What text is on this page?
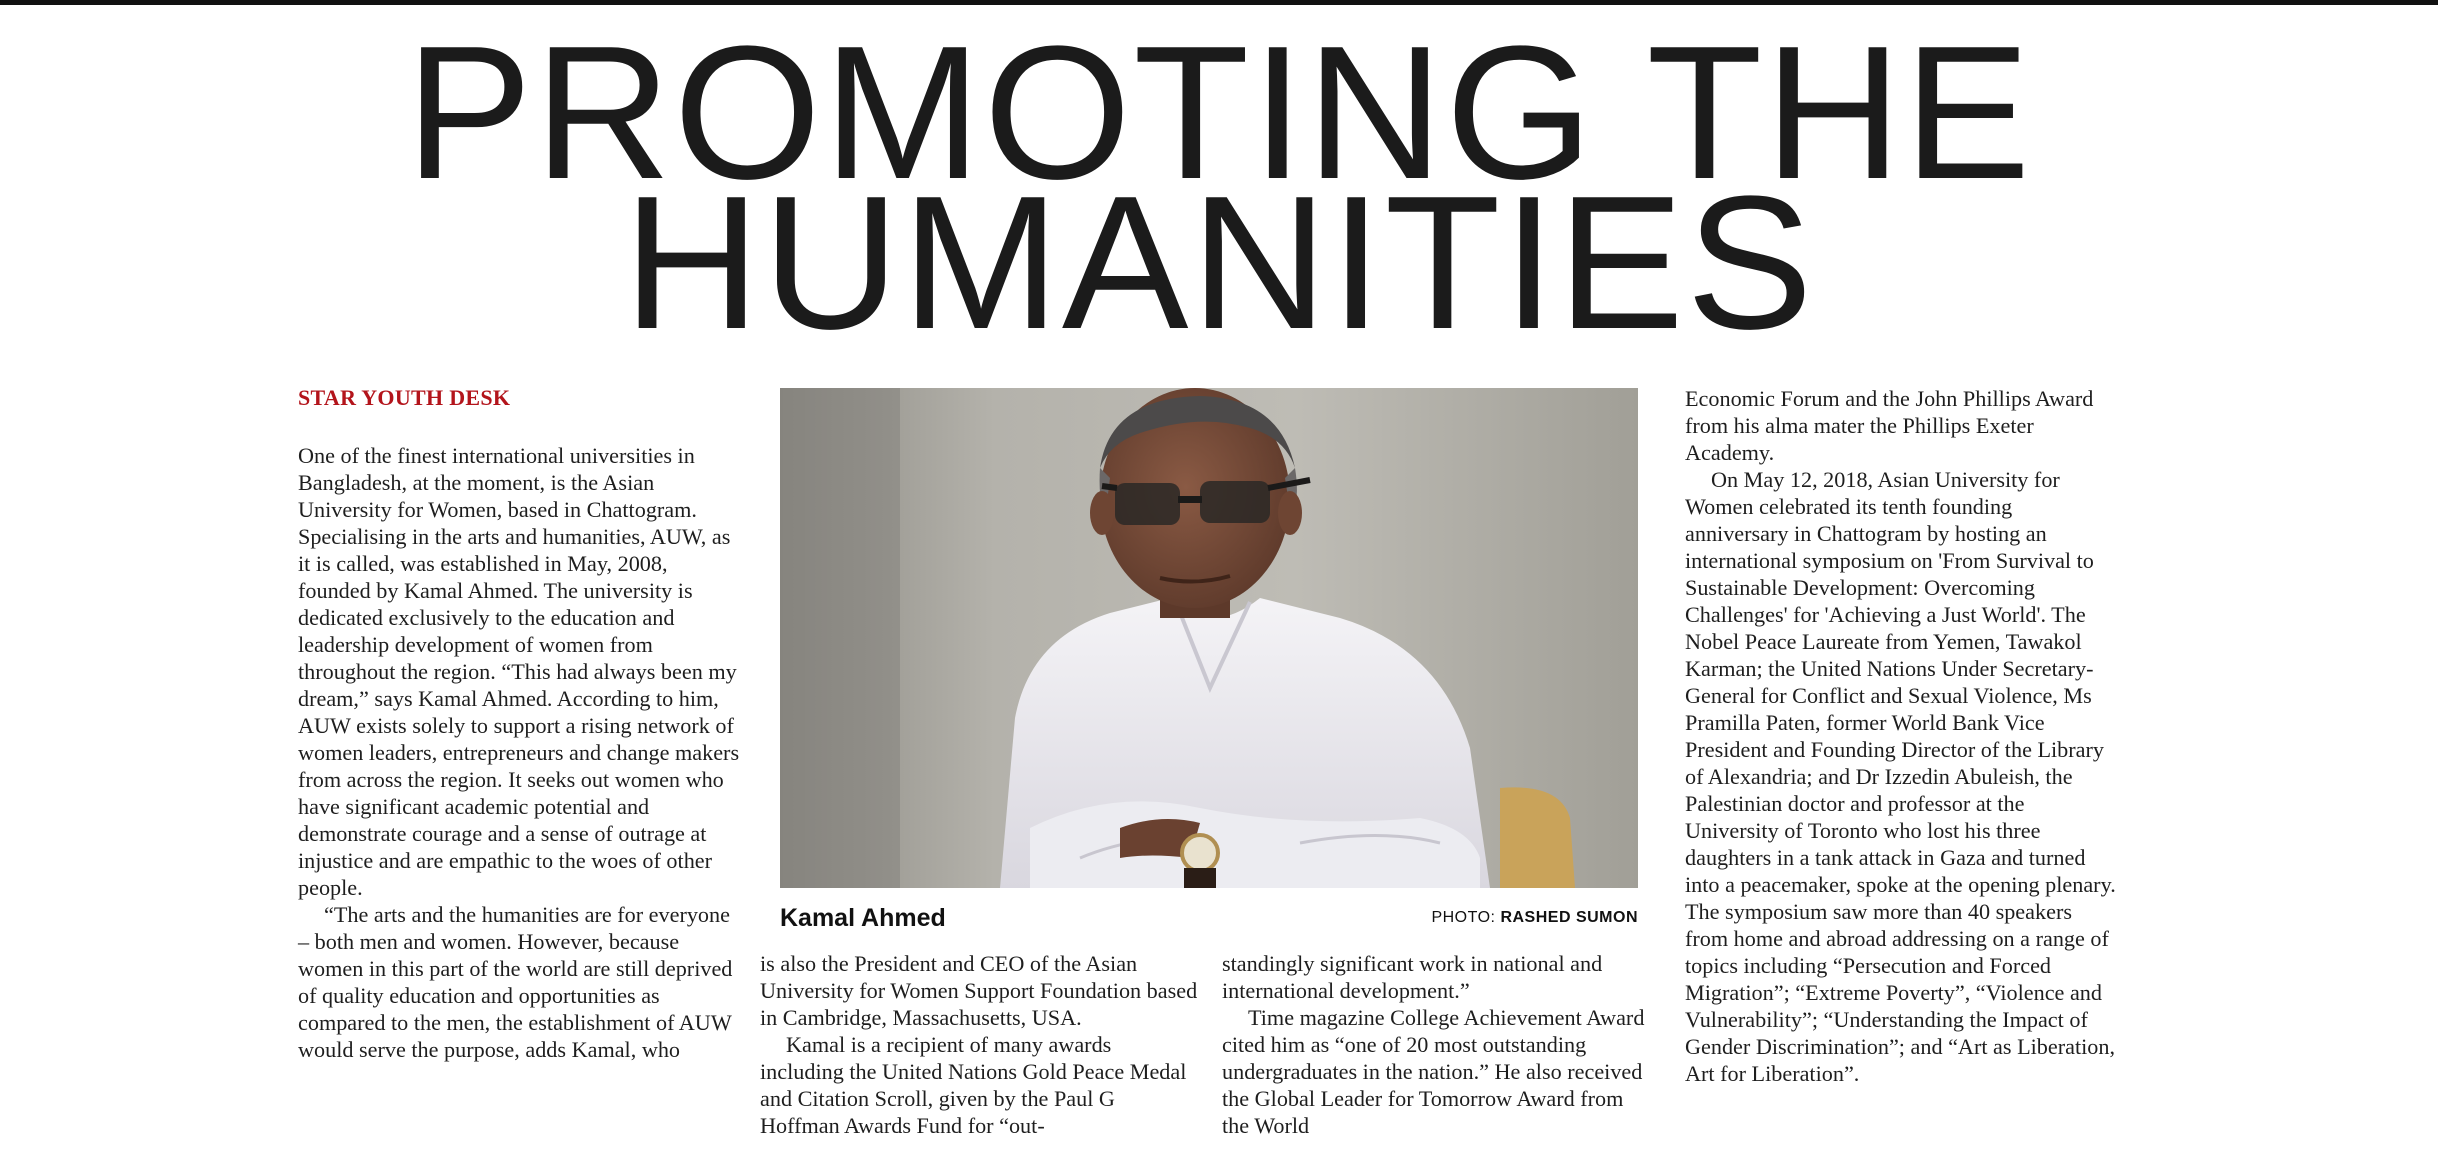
PROMOTING THE
HUMANITIES
STAR YOUTH DESK

One of the finest international universities in Bangladesh, at the moment, is the Asian University for Women, based in Chattogram. Specialising in the arts and humanities, AUW, as it is called, was established in May, 2008, founded by Kamal Ahmed. The university is dedicated exclusively to the education and leadership development of women from throughout the region. “This had always been my dream,” says Kamal Ahmed. According to him, AUW exists solely to support a rising network of women leaders, entrepreneurs and change makers from across the region. It seeks out women who have significant academic potential and demonstrate courage and a sense of outrage at injustice and are empathic to the woes of other people.

“The arts and the humanities are for everyone – both men and women. However, because women in this part of the world are still deprived of quality education and opportunities as compared to the men, the establishment of AUW would serve the purpose, adds Kamal, who

Kamal Ahmed	PHOTO: RASHED SUMON

is also the President and CEO of the Asian University for Women Support Foundation based in Cambridge, Massachusetts, USA.

Kamal is a recipient of many awards including the United Nations Gold Peace Medal and Citation Scroll, given by the Paul G Hoffman Awards Fund for “out-

standingly significant work in national and international development.”

Time magazine College Achievement Award cited him as “one of 20 most outstanding undergraduates in the nation.” He also received the Global Leader for Tomorrow Award from the World

Economic Forum and the John Phillips Award from his alma mater the Phillips Exeter Academy.

On May 12, 2018, Asian University for Women celebrated its tenth founding anniversary in Chattogram by hosting an international symposium on 'From Survival to Sustainable Development: Overcoming Challenges' for 'Achieving a Just World'. The Nobel Peace Laureate from Yemen, Tawakol Karman; the United Nations Under Secretary-General for Conflict and Sexual Violence, Ms Pramilla Paten, former World Bank Vice President and Founding Director of the Library of Alexandria; and Dr Izzedin Abuleish, the Palestinian doctor and professor at the University of Toronto who lost his three daughters in a tank attack in Gaza and turned into a peacemaker, spoke at the opening plenary. The symposium saw more than 40 speakers from home and abroad addressing on a range of topics including “Persecution and Forced Migration”; “Extreme Poverty”, “Violence and Vulnerability”; “Understanding the Impact of Gender Discrimination”; and “Art as Liberation, Art for Liberation”.
